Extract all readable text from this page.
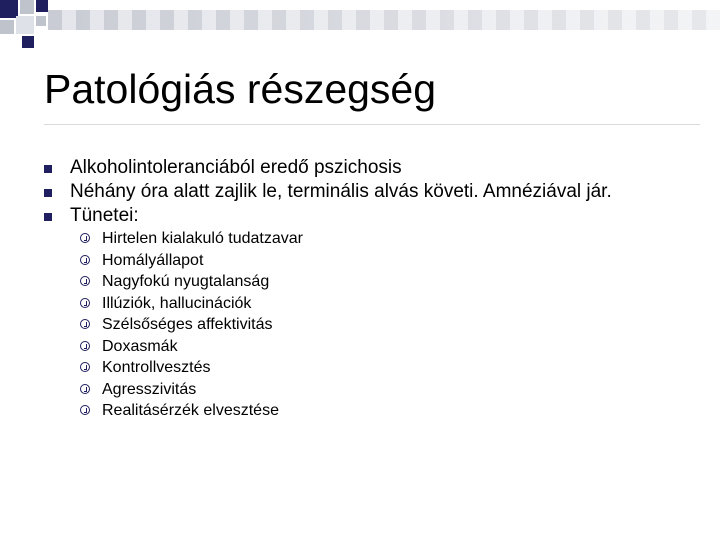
Patológiás részegség
Alkoholintoleranciából eredő pszichosis
Néhány óra alatt zajlik le, terminális alvás követi. Amnéziával jár.
Tünetei:
Hirtelen kialakuló tudatzavar
Homályállapot
Nagyfokú nyugtalanság
Illúziók, hallucinációk
Szélsőséges affektivitás
Doxasmák
Kontrollvesztés
Agresszivitás
Realitásérzék elvesztése
